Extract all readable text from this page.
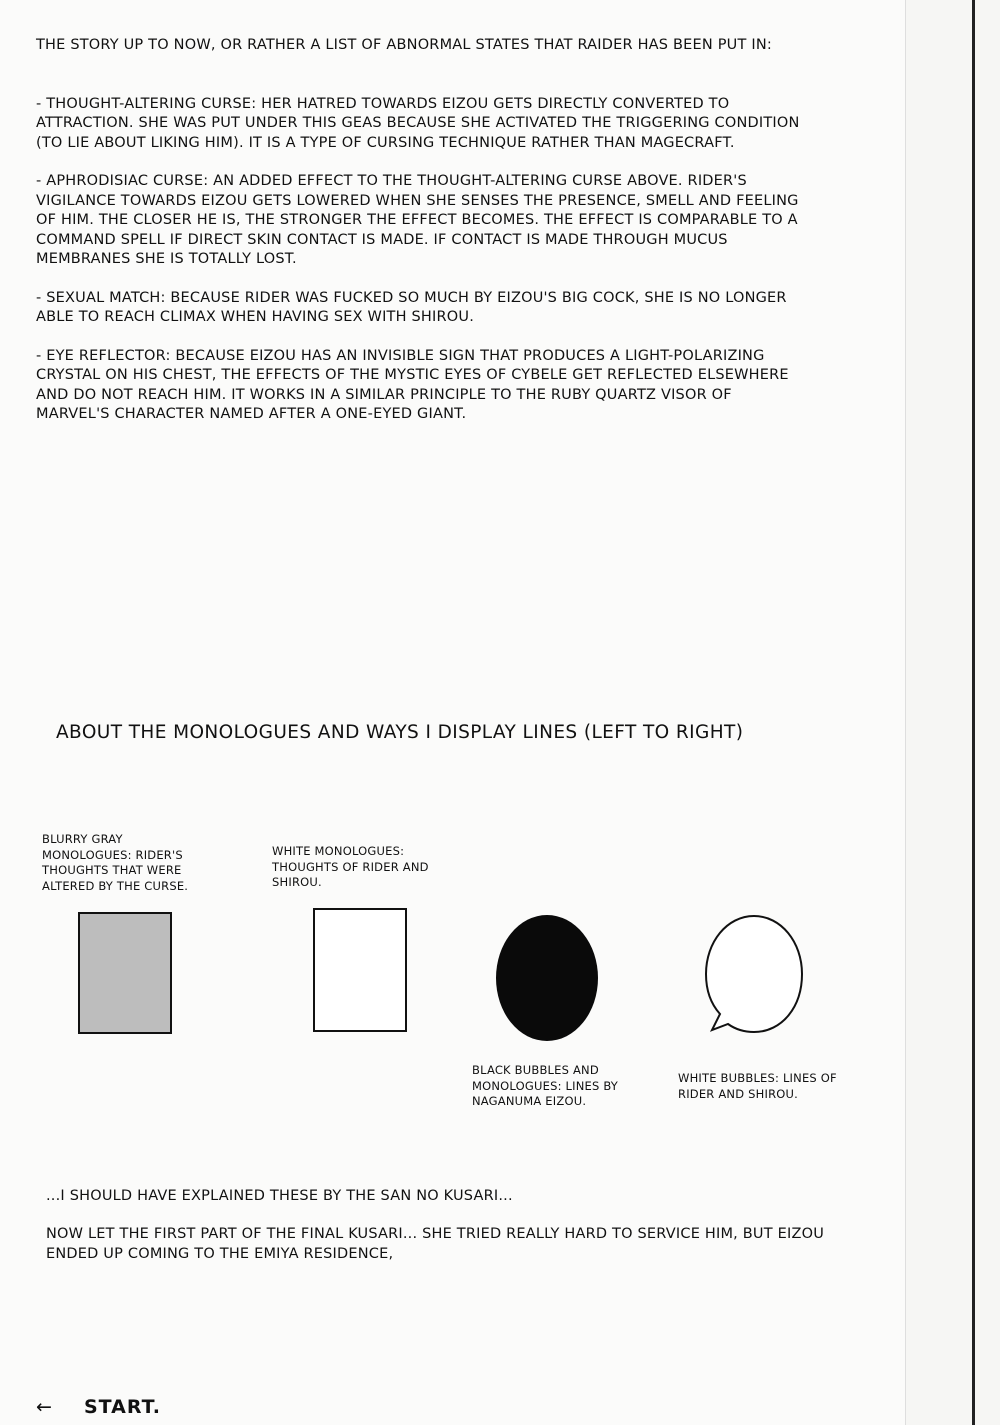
THE STORY UP TO NOW, OR RATHER A LIST OF ABNORMAL STATES THAT RAIDER HAS BEEN PUT IN:

- THOUGHT-ALTERING CURSE: HER HATRED TOWARDS EIZOU GETS DIRECTLY CONVERTED TO ATTRACTION. SHE WAS PUT UNDER THIS GEAS BECAUSE SHE ACTIVATED THE TRIGGERING CONDITION (TO LIE ABOUT LIKING HIM). IT IS A TYPE OF CURSING TECHNIQUE RATHER THAN MAGECRAFT.

- APHRODISIAC CURSE: AN ADDED EFFECT TO THE THOUGHT-ALTERING CURSE ABOVE. RIDER'S VIGILANCE TOWARDS EIZOU GETS LOWERED WHEN SHE SENSES THE PRESENCE, SMELL AND FEELING OF HIM. THE CLOSER HE IS, THE STRONGER THE EFFECT BECOMES. THE EFFECT IS COMPARABLE TO A COMMAND SPELL IF DIRECT SKIN CONTACT IS MADE. IF CONTACT IS MADE THROUGH MUCUS MEMBRANES SHE IS TOTALLY LOST.

- SEXUAL MATCH: BECAUSE RIDER WAS FUCKED SO MUCH BY EIZOU'S BIG COCK, SHE IS NO LONGER ABLE TO REACH CLIMAX WHEN HAVING SEX WITH SHIROU.

- EYE REFLECTOR: BECAUSE EIZOU HAS AN INVISIBLE SIGN THAT PRODUCES A LIGHT-POLARIZING CRYSTAL ON HIS CHEST, THE EFFECTS OF THE MYSTIC EYES OF CYBELE GET REFLECTED ELSEWHERE AND DO NOT REACH HIM. IT WORKS IN A SIMILAR PRINCIPLE TO THE RUBY QUARTZ VISOR OF MARVEL'S CHARACTER NAMED AFTER A ONE-EYED GIANT.

ABOUT THE MONOLOGUES AND WAYS I DISPLAY LINES (LEFT TO RIGHT)
BLURRY GRAY MONOLOGUES: RIDER'S THOUGHTS THAT WERE ALTERED BY THE CURSE.
WHITE MONOLOGUES: THOUGHTS OF RIDER AND SHIROU.
BLACK BUBBLES AND MONOLOGUES: LINES BY NAGANUMA EIZOU.
WHITE BUBBLES: LINES OF RIDER AND SHIROU.
...I SHOULD HAVE EXPLAINED THESE BY THE SAN NO KUSARI...
NOW LET THE FIRST PART OF THE FINAL KUSARI... SHE TRIED REALLY HARD TO SERVICE HIM, BUT EIZOU ENDED UP COMING TO THE EMIYA RESIDENCE,
← START.
